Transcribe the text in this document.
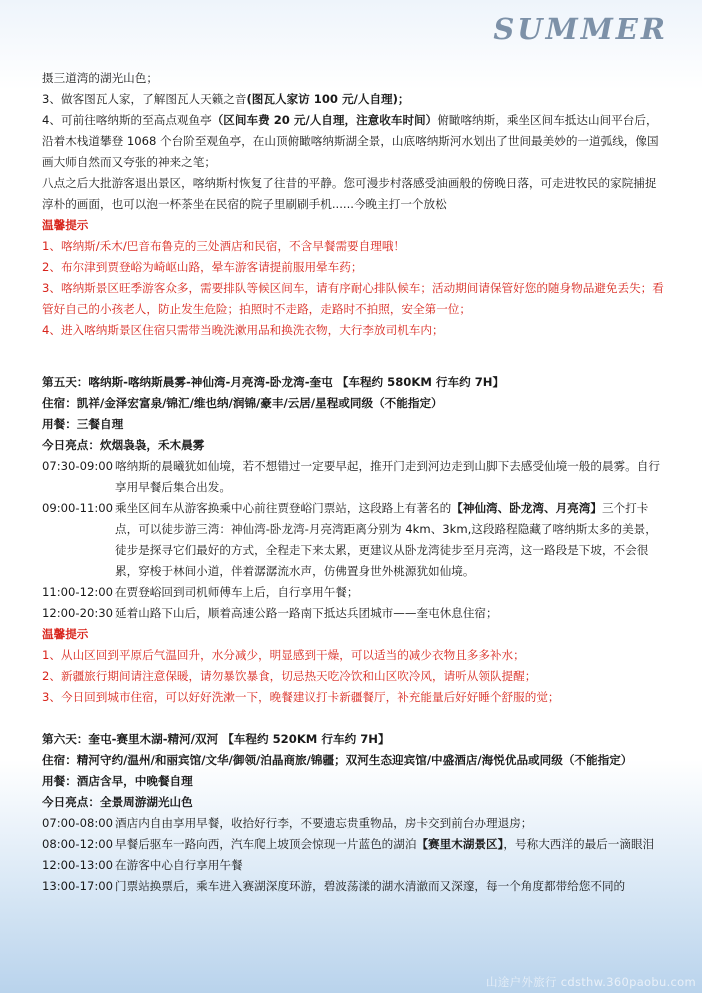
SUMMER

摄三道湾的湖光山色；

3、做客图瓦人家，了解图瓦人天籁之音(图瓦人家访 100 元/人自理)；

4、可前往喀纳斯的至高点观鱼亭（区间车费 20 元/人自理，注意收车时间）俯瞰喀纳斯，乘坐区间车抵达山间平台后，沿着木栈道攀登 1068 个台阶至观鱼亭，在山顶俯瞰喀纳斯湖全景，山底喀纳斯河水划出了世间最美妙的一道弧线，像国画大师自然而又夸张的神来之笔；

八点之后大批游客退出景区，喀纳斯村恢复了往昔的平静。您可漫步村落感受油画般的傍晚日落，可走进牧民的家院捕捉淳朴的画面，也可以泡一杯茶坐在民宿的院子里刷刷手机......今晚主打一个放松

温馨提示

1、喀纳斯/禾木/巴音布鲁克的三处酒店和民宿，不含早餐需要自理哦！

2、布尔津到贾登峪为崎岖山路，晕车游客请提前服用晕车药；

3、喀纳斯景区旺季游客众多，需要排队等候区间车，请有序耐心排队候车；活动期间请保管好您的随身物品避免丢失；看管好自己的小孩老人，防止发生危险；拍照时不走路，走路时不拍照，安全第一位；

4、进入喀纳斯景区住宿只需带当晚洗漱用品和换洗衣物，大行李放司机车内；

第五天：喀纳斯-喀纳斯晨雾-神仙湾-月亮湾-卧龙湾-奎屯 【车程约 580KM 行车约 7H】

住宿：凯祥/金泽宏富泉/锦汇/维也纳/润锦/豪丰/云居/星程或同级（不能指定）

用餐：三餐自理

今日亮点：炊烟袅袅，禾木晨雾

07:30-09:00 喀纳斯的晨曦犹如仙境，若不想错过一定要早起，推开门走到河边走到山脚下去感受仙境一般的晨雾。自行享用早餐后集合出发。
09:00-11:00 乘坐区间车从游客换乘中心前往贾登峪门票站，这段路上有著名的【神仙湾、卧龙湾、月亮湾】三个打卡点，可以徒步游三湾：神仙湾-卧龙湾-月亮湾距离分别为 4km、3km,这段路程隐藏了喀纳斯太多的美景，徒步是探寻它们最好的方式，全程走下来太累，更建议从卧龙湾徒步至月亮湾，这一路段是下坡，不会很累，穿梭于林间小道，伴着潺潺流水声，仿佛置身世外桃源犹如仙境。
11:00-12:00 在贾登峪回到司机师傅车上后，自行享用午餐；
12:00-20:30 延着山路下山后，顺着高速公路一路南下抵达兵团城市——奎屯休息住宿；

温馨提示

1、从山区回到平原后气温回升，水分减少，明显感到干燥，可以适当的减少衣物且多多补水；

2、新疆旅行期间请注意保暖，请勿暴饮暴食，切忌热天吃冷饮和山区吹冷风，请听从领队提醒；

3、今日回到城市住宿，可以好好洗漱一下，晚餐建议打卡新疆餐厅，补充能量后好好睡个舒服的觉；

第六天：奎屯-赛里木湖-精河/双河 【车程约 520KM 行车约 7H】

住宿：精河守约/温州/和丽宾馆/文华/御领/泊晶商旅/锦疆；双河生态迎宾馆/中盛酒店/海悦优品或同级（不能指定）

用餐：酒店含早，中晚餐自理

今日亮点：全景周游湖光山色

07:00-08:00 酒店内自由享用早餐，收拾好行李，不要遗忘贵重物品，房卡交到前台办理退房；
08:00-12:00 早餐后驱车一路向西，汽车爬上坡顶会惊现一片蓝色的湖泊【赛里木湖景区】，号称大西洋的最后一滴眼泪
12:00-13:00 在游客中心自行享用午餐
13:00-17:00 门票站换票后，乘车进入赛湖深度环游，碧波荡漾的湖水清澈而又深邃，每一个角度都带给您不同的
山途户外旅行 cdsthw.360paobu.com
